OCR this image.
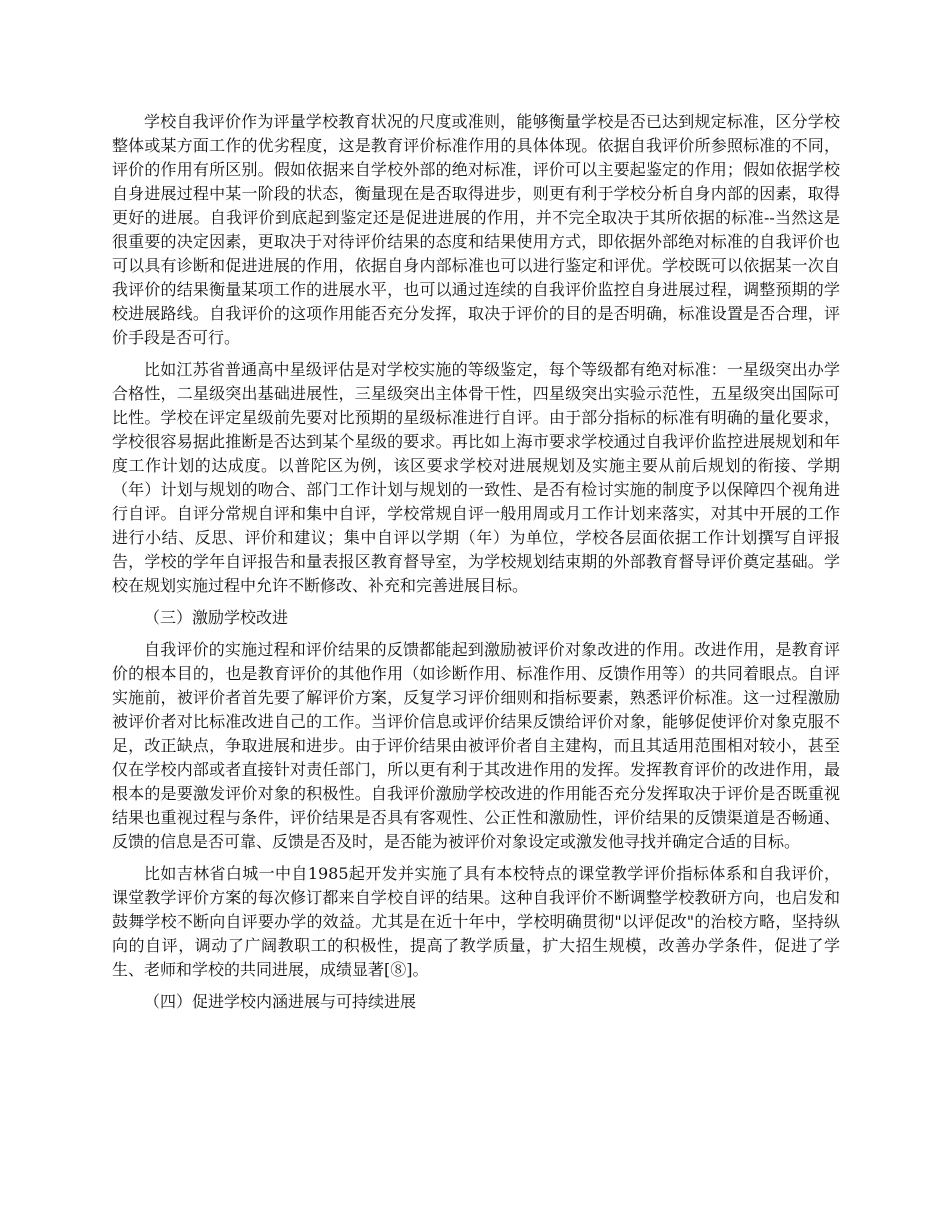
学校自我评价作为评量学校教育状况的尺度或准则，能够衡量学校是否已达到规定标准，区分学校整体或某方面工作的优劣程度，这是教育评价标准作用的具体体现。依据自我评价所参照标准的不同，评价的作用有所区别。假如依据来自学校外部的绝对标准，评价可以主要起鉴定的作用；假如依据学校自身进展过程中某一阶段的状态，衡量现在是否取得进步，则更有利于学校分析自身内部的因素，取得更好的进展。自我评价到底起到鉴定还是促进进展的作用，并不完全取决于其所依据的标准--当然这是很重要的决定因素，更取决于对待评价结果的态度和结果使用方式，即依据外部绝对标准的自我评价也可以具有诊断和促进进展的作用，依据自身内部标准也可以进行鉴定和评优。学校既可以依据某一次自我评价的结果衡量某项工作的进展水平，也可以通过连续的自我评价监控自身进展过程，调整预期的学校进展路线。自我评价的这项作用能否充分发挥，取决于评价的目的是否明确，标准设置是否合理，评价手段是否可行。

比如江苏省普通高中星级评估是对学校实施的等级鉴定，每个等级都有绝对标准：一星级突出办学合格性，二星级突出基础进展性，三星级突出主体骨干性，四星级突出实验示范性，五星级突出国际可比性。学校在评定星级前先要对比预期的星级标准进行自评。由于部分指标的标准有明确的量化要求，学校很容易据此推断是否达到某个星级的要求。再比如上海市要求学校通过自我评价监控进展规划和年度工作计划的达成度。以普陀区为例，该区要求学校对进展规划及实施主要从前后规划的衔接、学期（年）计划与规划的吻合、部门工作计划与规划的一致性、是否有检讨实施的制度予以保障四个视角进行自评。自评分常规自评和集中自评，学校常规自评一般用周或月工作计划来落实，对其中开展的工作进行小结、反思、评价和建议；集中自评以学期（年）为单位，学校各层面依据工作计划撰写自评报告，学校的学年自评报告和量表报区教育督导室，为学校规划结束期的外部教育督导评价奠定基础。学校在规划实施过程中允许不断修改、补充和完善进展目标。

（三）激励学校改进

自我评价的实施过程和评价结果的反馈都能起到激励被评价对象改进的作用。改进作用，是教育评价的根本目的，也是教育评价的其他作用（如诊断作用、标准作用、反馈作用等）的共同着眼点。自评实施前，被评价者首先要了解评价方案，反复学习评价细则和指标要素，熟悉评价标准。这一过程激励被评价者对比标准改进自己的工作。当评价信息或评价结果反馈给评价对象，能够促使评价对象克服不足，改正缺点，争取进展和进步。由于评价结果由被评价者自主建构，而且其适用范围相对较小，甚至仅在学校内部或者直接针对责任部门，所以更有利于其改进作用的发挥。发挥教育评价的改进作用，最根本的是要激发评价对象的积极性。自我评价激励学校改进的作用能否充分发挥取决于评价是否既重视结果也重视过程与条件，评价结果是否具有客观性、公正性和激励性，评价结果的反馈渠道是否畅通、反馈的信息是否可靠、反馈是否及时，是否能为被评价对象设定或激发他寻找并确定合适的目标。

比如吉林省白城一中自1985起开发并实施了具有本校特点的课堂教学评价指标体系和自我评价，课堂教学评价方案的每次修订都来自学校自评的结果。这种自我评价不断调整学校教研方向，也启发和鼓舞学校不断向自评要办学的效益。尤其是在近十年中，学校明确贯彻"以评促改"的治校方略，坚持纵向的自评，调动了广阔教职工的积极性，提高了教学质量，扩大招生规模，改善办学条件，促进了学生、老师和学校的共同进展，成绩显著[⑧]。

（四）促进学校内涵进展与可持续进展
